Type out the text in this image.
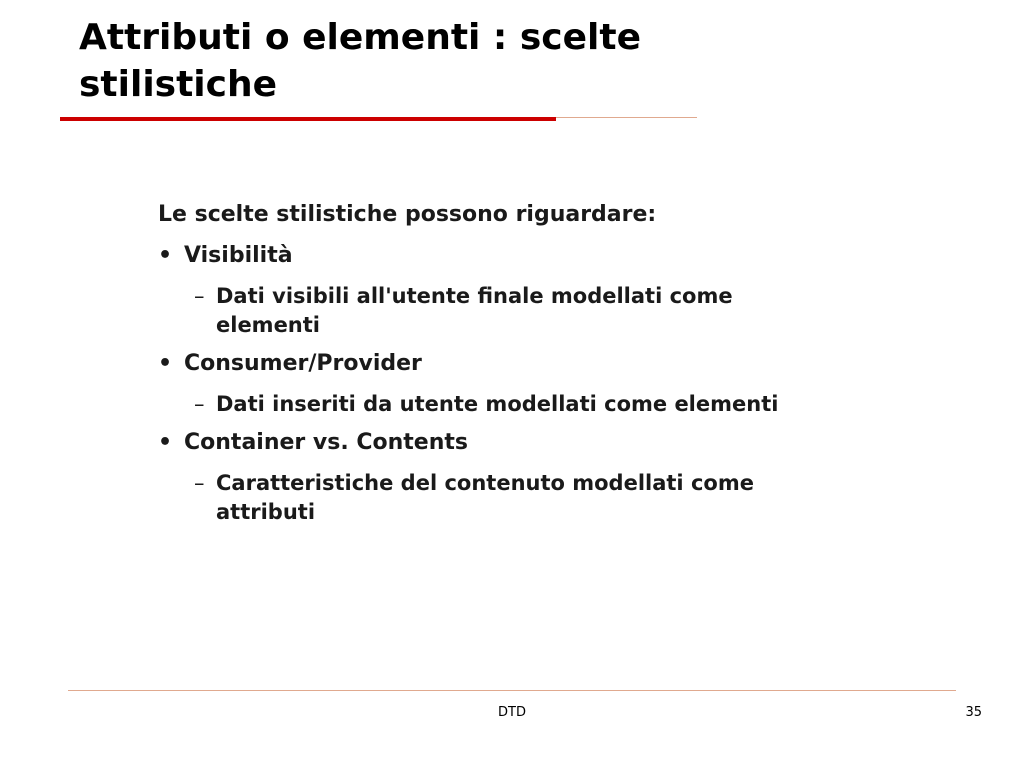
Attributi o elementi : scelte stilistiche

Le scelte stilistiche possono riguardare:

• Visibilità
– Dati visibili all'utente finale modellati come elementi
• Consumer/Provider
– Dati inseriti da utente modellati come elementi
• Container vs. Contents
– Caratteristiche del contenuto modellati come attributi
DTD	35
